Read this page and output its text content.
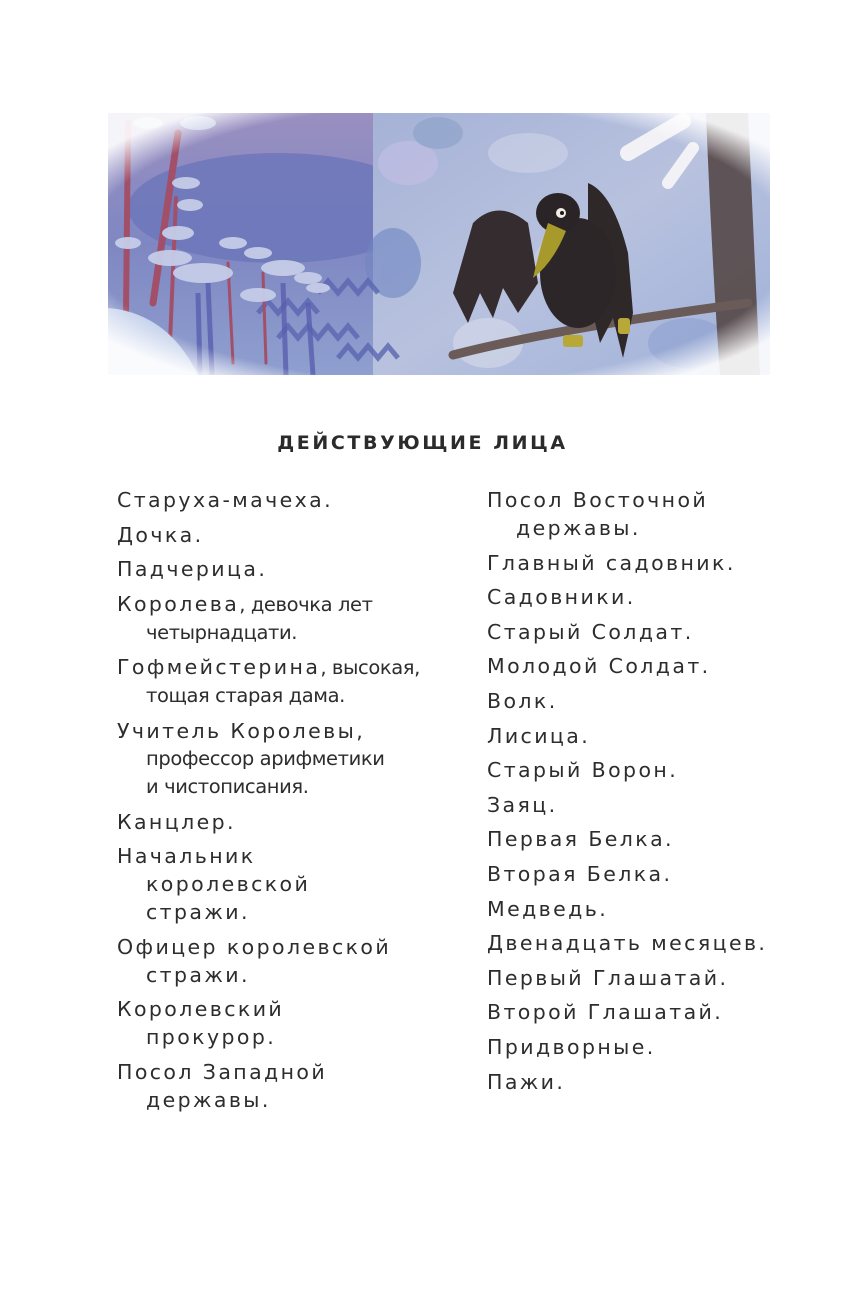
ДЕЙСТВУЮЩИЕ ЛИЦА
Старуха-мачеха.
Дочка.
Падчерица.
Королева, девочка лет
четырнадцати.
Гофмейстерина, высокая,
тощая старая дама.
Учитель Королевы,
профессор арифметики
и чистописания.
Канцлер.
Начальник
королевской
стражи.
Офицер королевской
стражи.
Королевский
прокурор.
Посол Западной
державы.
Посол Восточной
державы.
Главный садовник.
Садовники.
Старый Солдат.
Молодой Солдат.
Волк.
Лисица.
Старый Ворон.
Заяц.
Первая Белка.
Вторая Белка.
Медведь.
Двенадцать месяцев.
Первый Глашатай.
Второй Глашатай.
Придворные.
Пажи.
